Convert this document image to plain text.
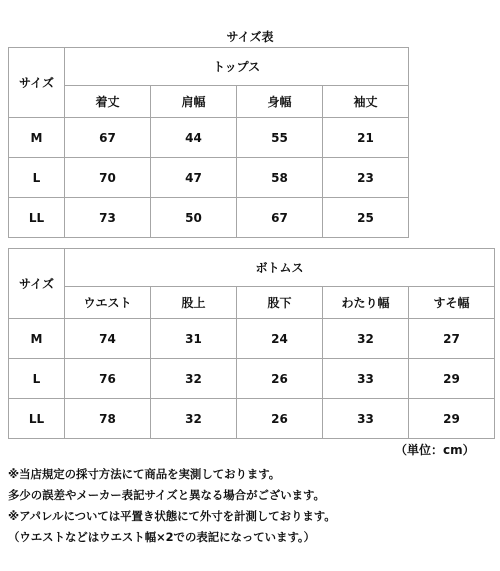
サイズ表
サイズ	トップス			
	着丈	肩幅	身幅	袖丈
M	67	44	55	21
L	70	47	58	23
LL	73	50	67	25
サイズ	ボトムス				
	ウエスト	股上	股下	わたり幅	すそ幅
M	74	31	24	32	27
L	76	32	26	33	29
LL	78	32	26	33	29
（単位：cm）
※当店規定の採寸方法にて商品を実測しております。
多少の誤差やメーカー表記サイズと異なる場合がございます。
※アパレルについては平置き状態にて外寸を計測しております。
（ウエストなどはウエスト幅×2での表記になっています。）
